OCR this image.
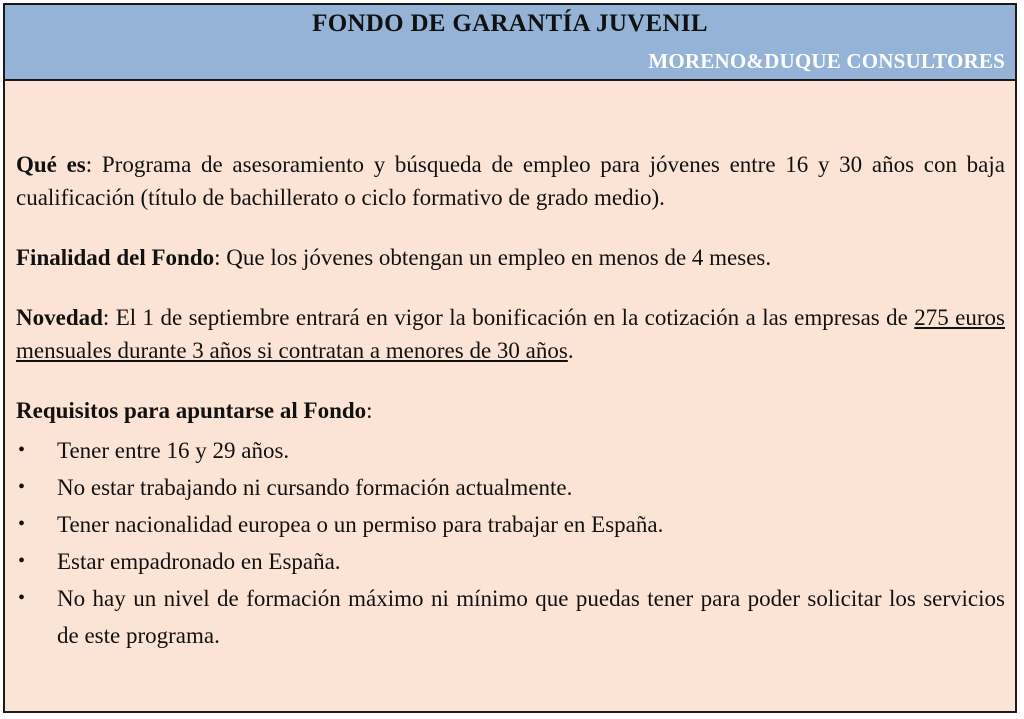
FONDO DE GARANTÍA JUVENIL
MORENO&DUQUE CONSULTORES

Qué es: Programa de asesoramiento y búsqueda de empleo para jóvenes entre 16 y 30 años con baja cualificación (título de bachillerato o ciclo formativo de grado medio).

Finalidad del Fondo: Que los jóvenes obtengan un empleo en menos de 4 meses.

Novedad: El 1 de septiembre entrará en vigor la bonificación en la cotización a las empresas de 275 euros mensuales durante 3 años si contratan a menores de 30 años.

Requisitos para apuntarse al Fondo:

• Tener entre 16 y 29 años.
• No estar trabajando ni cursando formación actualmente.
• Tener nacionalidad europea o un permiso para trabajar en España.
• Estar empadronado en España.
• No hay un nivel de formación máximo ni mínimo que puedas tener para poder solicitar los servicios de este programa.
